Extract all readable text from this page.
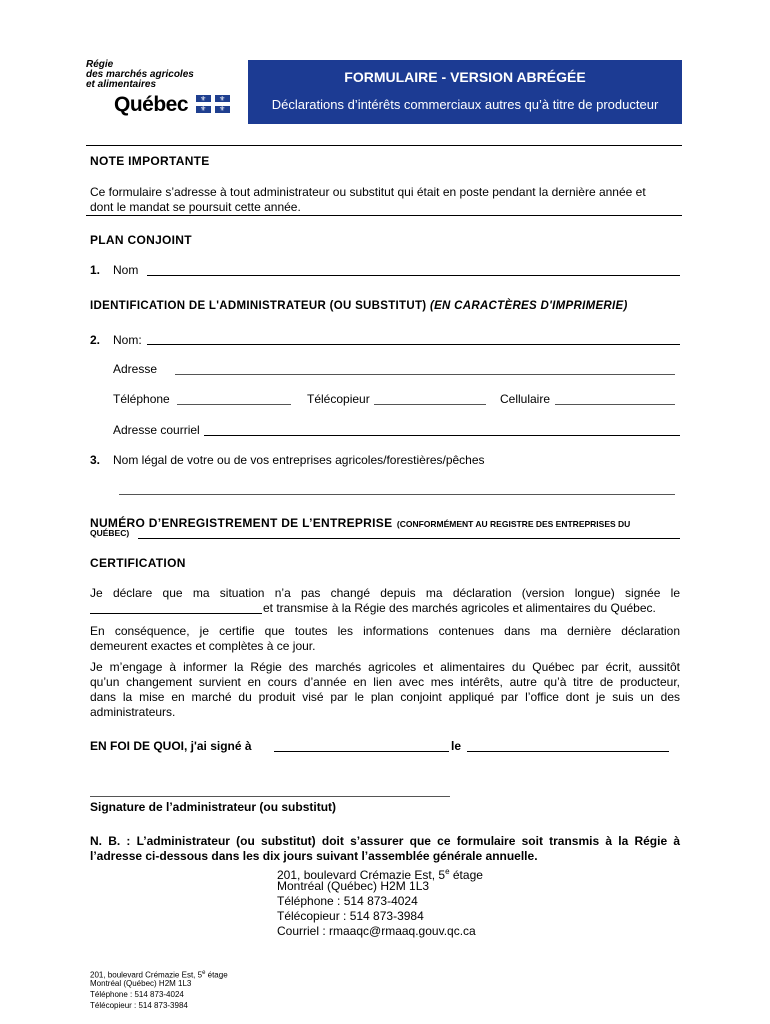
Régie
des marchés agricoles
et alimentaires
Québec ⚜ ⚜
⚜ ⚜
FORMULAIRE - VERSION ABRÉGÉE
Déclarations d’intérêts commerciaux autres qu’à titre de producteur
NOTE IMPORTANTE
Ce formulaire s’adresse à tout administrateur ou substitut qui était en poste pendant la dernière année et
dont le mandat se poursuit cette année.
PLAN CONJOINT
1. Nom
IDENTIFICATION DE L'ADMINISTRATEUR (OU SUBSTITUT) (EN CARACTÈRES D'IMPRIMERIE)
2. Nom:
Adresse
Téléphone	Télécopieur	Cellulaire
Adresse courriel
3. Nom légal de votre ou de vos entreprises agricoles/forestières/pêches
NUMÉRO D’ENREGISTREMENT DE L’ENTREPRISE (CONFORMÉMENT AU REGISTRE DES ENTREPRISES DU
QUÉBEC)
CERTIFICATION
Je déclare que ma situation n’a pas changé depuis ma déclaration (version longue) signée le
et transmise à la Régie des marchés agricoles et alimentaires du Québec.
En conséquence, je certifie que toutes les informations contenues dans ma dernière déclaration
demeurent exactes et complètes à ce jour.
Je m’engage à informer la Régie des marchés agricoles et alimentaires du Québec par écrit, aussitôt
qu’un changement survient en cours d’année en lien avec mes intérêts, autre qu’à titre de producteur,
dans la mise en marché du produit visé par le plan conjoint appliqué par l’office dont je suis un des
administrateurs.
EN FOI DE QUOI, j'ai signé à	le
Signature de l’administrateur (ou substitut)
N. B. : L’administrateur (ou substitut) doit s’assurer que ce formulaire soit transmis à la Régie à
l’adresse ci-dessous dans les dix jours suivant l’assemblée générale annuelle.
201, boulevard Crémazie Est, 5e étage
Montréal (Québec) H2M 1L3
Téléphone : 514 873-4024
Télécopieur : 514 873-3984
Courriel : rmaaqc@rmaaq.gouv.qc.ca
201, boulevard Crémazie Est, 5e étage
Montréal (Québec) H2M 1L3
Téléphone : 514 873-4024
Télécopieur : 514 873-3984
